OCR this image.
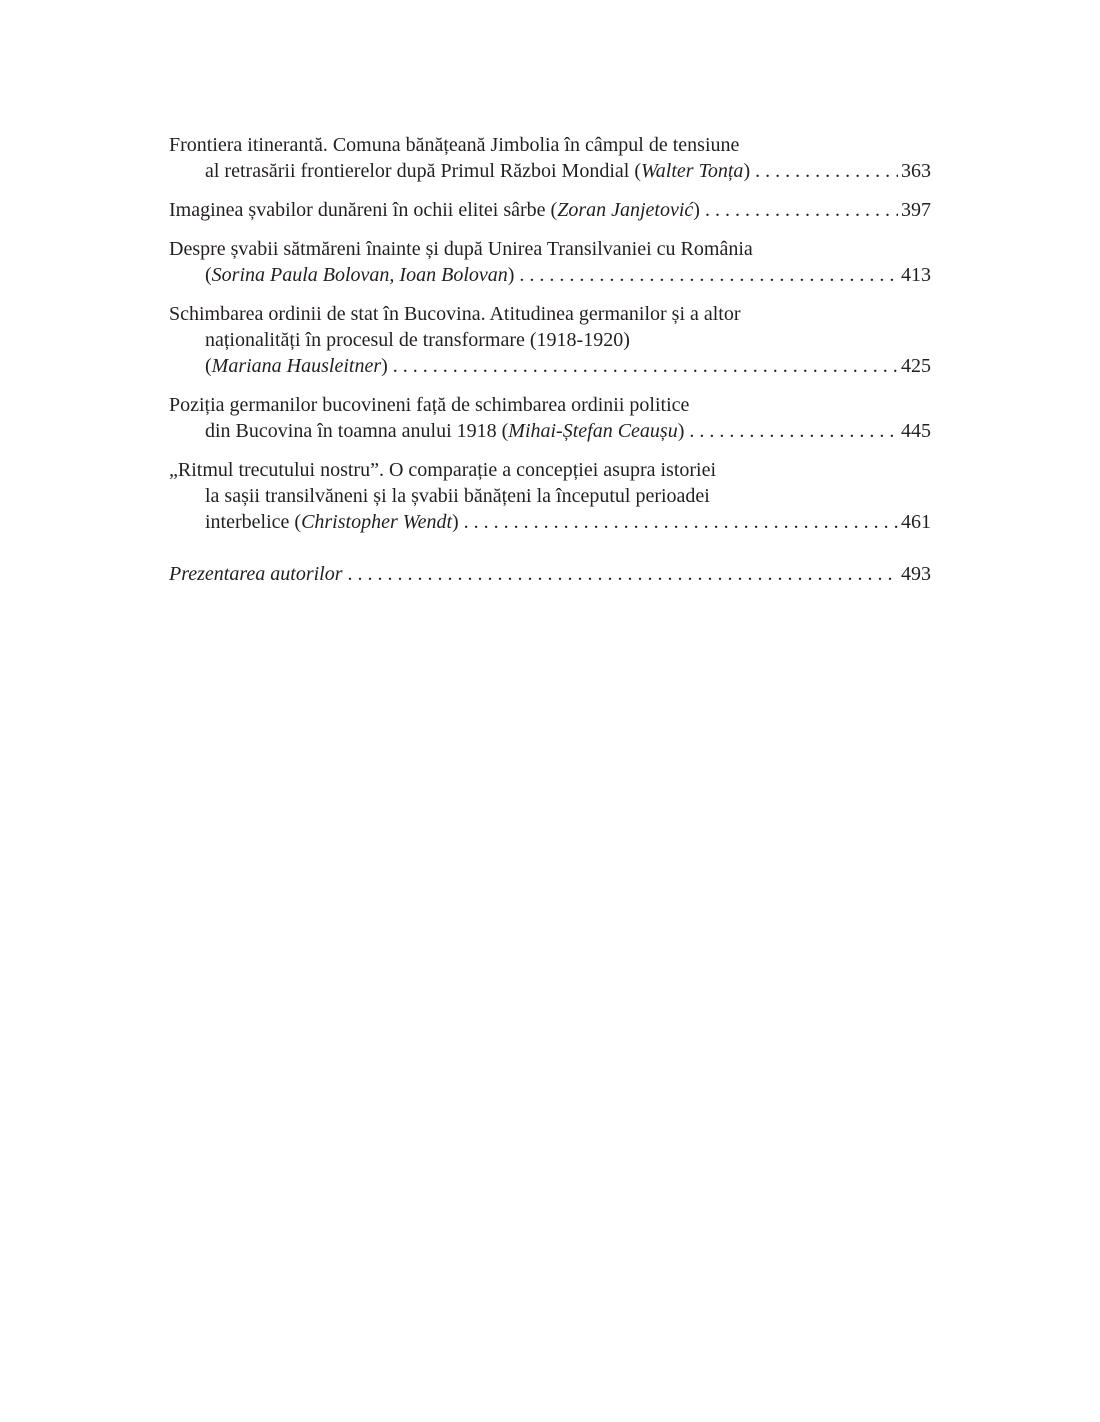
Frontiera itinerantă. Comuna bănățeană Jimbolia în câmpul de tensiune
al retrasării frontierelor după Primul Război Mondial (Walter Tonța) . . .	363
Imaginea șvabilor dunăreni în ochii elitei sârbe (Zoran Janjetović) . . .	397
Despre șvabii sătmăreni înainte și după Unirea Transilvaniei cu România
(Sorina Paula Bolovan, Ioan Bolovan) . . .	413
Schimbarea ordinii de stat în Bucovina. Atitudinea germanilor și a altor
naționalități în procesul de transformare (1918-1920)
(Mariana Hausleitner) . . .	425
Poziția germanilor bucovineni față de schimbarea ordinii politice
din Bucovina în toamna anului 1918 (Mihai-Ștefan Ceaușu) . . .	445
„Ritmul trecutului nostru”. O comparație a concepției asupra istoriei
la sașii transilvăneni și la șvabii bănățeni la începutul perioadei
interbelice (Christopher Wendt) . . .	461
Prezentarea autorilor . . .	493
